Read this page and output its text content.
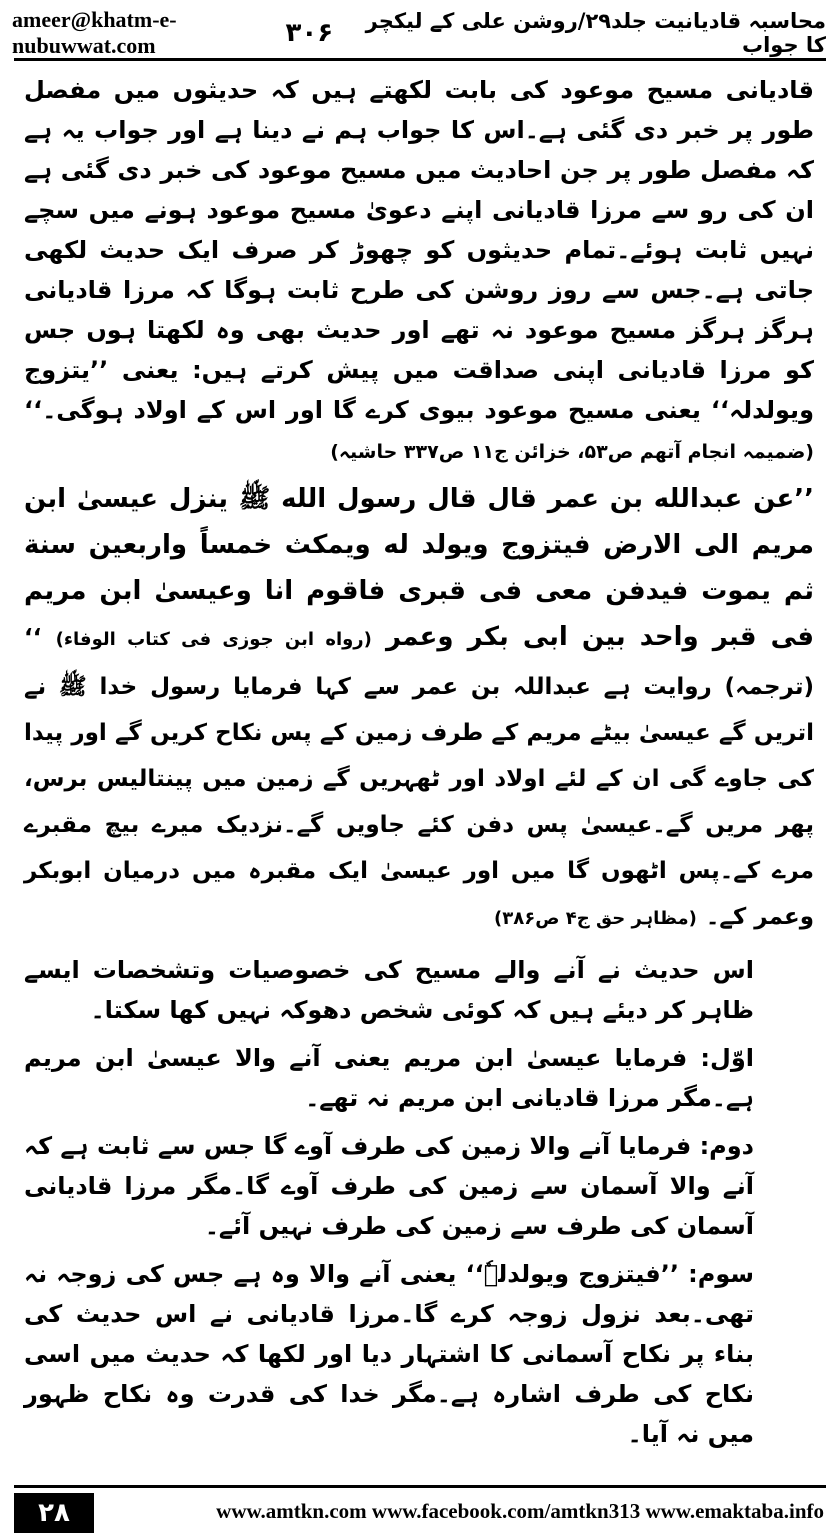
ameer@khatm-e-nubuwwat.com
محاسبہ قادیانیت جلد۲۹/روشن علی کے لیکچر کا جواب
۳۰۶

قادیانی مسیح موعود کی بابت لکھتے ہیں کہ حدیثوں میں مفصل طور پر خبر دی گئی ہے۔اس کا جواب ہم نے دینا ہے اور جواب یہ ہے کہ مفصل طور پر جن احادیث میں مسیح موعود کی خبر دی گئی ہے ان کی رو سے مرزا قادیانی اپنے دعویٰ مسیح موعود ہونے میں سچے نہیں ثابت ہوئے۔تمام حدیثوں کو چھوڑ کر صرف ایک حدیث لکھی جاتی ہے۔جس سے روز روشن کی طرح ثابت ہوگا کہ مرزا قادیانی ہرگز ہرگز مسیح موعود نہ تھے اور حدیث بھی وہ لکھتا ہوں جس کو مرزا قادیانی اپنی صداقت میں پیش کرتے ہیں: یعنی ’’یتزوج ویولدلہ‘‘ یعنی مسیح موعود بیوی کرے گا اور اس کے اولاد ہوگی۔‘‘ (ضمیمہ انجام آتھم ص۵۳، خزائن ج۱۱ ص۳۳۷ حاشیہ)

’’عن عبدالله بن عمر قال قال رسول الله ﷺ ینزل عیسیٰ ابن مریم الی الارض فیتزوج ویولد له ویمکث خمساً واربعین سنة ثم یموت فیدفن معی فی قبری فاقوم انا وعیسیٰ ابن مریم فی قبر واحد بین ابی بکر وعمر (رواه ابن جوزی فی کتاب الوفاء) ‘‘ (ترجمہ) روایت ہے عبداللہ بن عمر سے کہا فرمایا رسول خدا ﷺ نے اتریں گے عیسیٰ بیٹے مریم کے طرف زمین کے پس نکاح کریں گے اور پیدا کی جاوے گی ان کے لئے اولاد اور ٹھہریں گے زمین میں پینتالیس برس، پھر مریں گے۔عیسیٰ پس دفن کئے جاویں گے۔نزدیک میرے بیچ مقبرے مرے کے۔پس اٹھوں گا میں اور عیسیٰ ایک مقبرہ میں درمیان ابوبکر وعمر کے۔ (مظاہر حق ج۴ ص۳۸۶)

اس حدیث نے آنے والے مسیح کی خصوصیات وتشخصات ایسے ظاہر کر دیئے ہیں کہ کوئی شخص دھوکہ نہیں کھا سکتا۔

اوّل: فرمایا عیسیٰ ابن مریم یعنی آنے والا عیسیٰ ابن مریم ہے۔مگر مرزا قادیانی ابن مریم نہ تھے۔

دوم: فرمایا آنے والا زمین کی طرف آوے گا جس سے ثابت ہے کہ آنے والا آسمان سے زمین کی طرف آوے گا۔مگر مرزا قادیانی آسمان کی طرف سے زمین کی طرف نہیں آئے۔

سوم: ’’فیتزوج ویولدلہٗ‘‘ یعنی آنے والا وہ ہے جس کی زوجہ نہ تھی۔بعد نزول زوجہ کرے گا۔مرزا قادیانی نے اس حدیث کی بناء پر نکاح آسمانی کا اشتہار دیا اور لکھا کہ حدیث میں اسی نکاح کی طرف اشارہ ہے۔مگر خدا کی قدرت وہ نکاح ظہور میں نہ آیا۔

۲۸	www.amtkn.com www.facebook.com/amtkn313 www.emaktaba.info
